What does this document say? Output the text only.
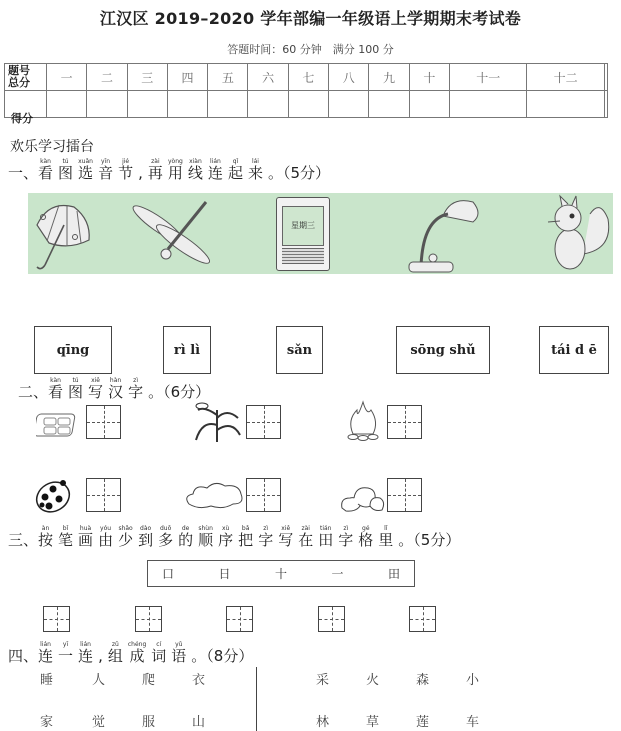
江汉区 2019–2020 学年部编一年级语上学期期末考试卷
答题时间：60 分钟　满分 100 分
题号
总分	一	二	三	四	五	六	七	八	九	十	十一	十二	

得分
欢乐学习擂台
一、
kàn
看
tú
图
xuǎn
选
yīn
音
jié
节 ,
zài
再
yòng
用
xiàn
线
lián
连
qǐ
起
lái
来 。（5分）
星期三
qīng	rì lì	sǎn	sōng shǔ	tái d ē
二、
kàn
看
tú
图
xiě
写
hàn
汉
zì
字 。（6分）
三、
àn
按
bǐ
笔
huà
画
yóu
由
shǎo
少
dào
到
duō
多
de
的
shùn
顺
xù
序
bǎ
把
zì
字
xiě
写
zài
在
tián
田
zì
字
gé
格
lǐ
里 。（5分）
口	日	十	一	田
四、
lián
连
yī
一
lián
连 ,
zǔ
组
chéng
成
cí
词
yǔ
语 。（8分）
睡	人	爬	衣
家	觉	服	山
采	火	森	小
林	草	莲	车
